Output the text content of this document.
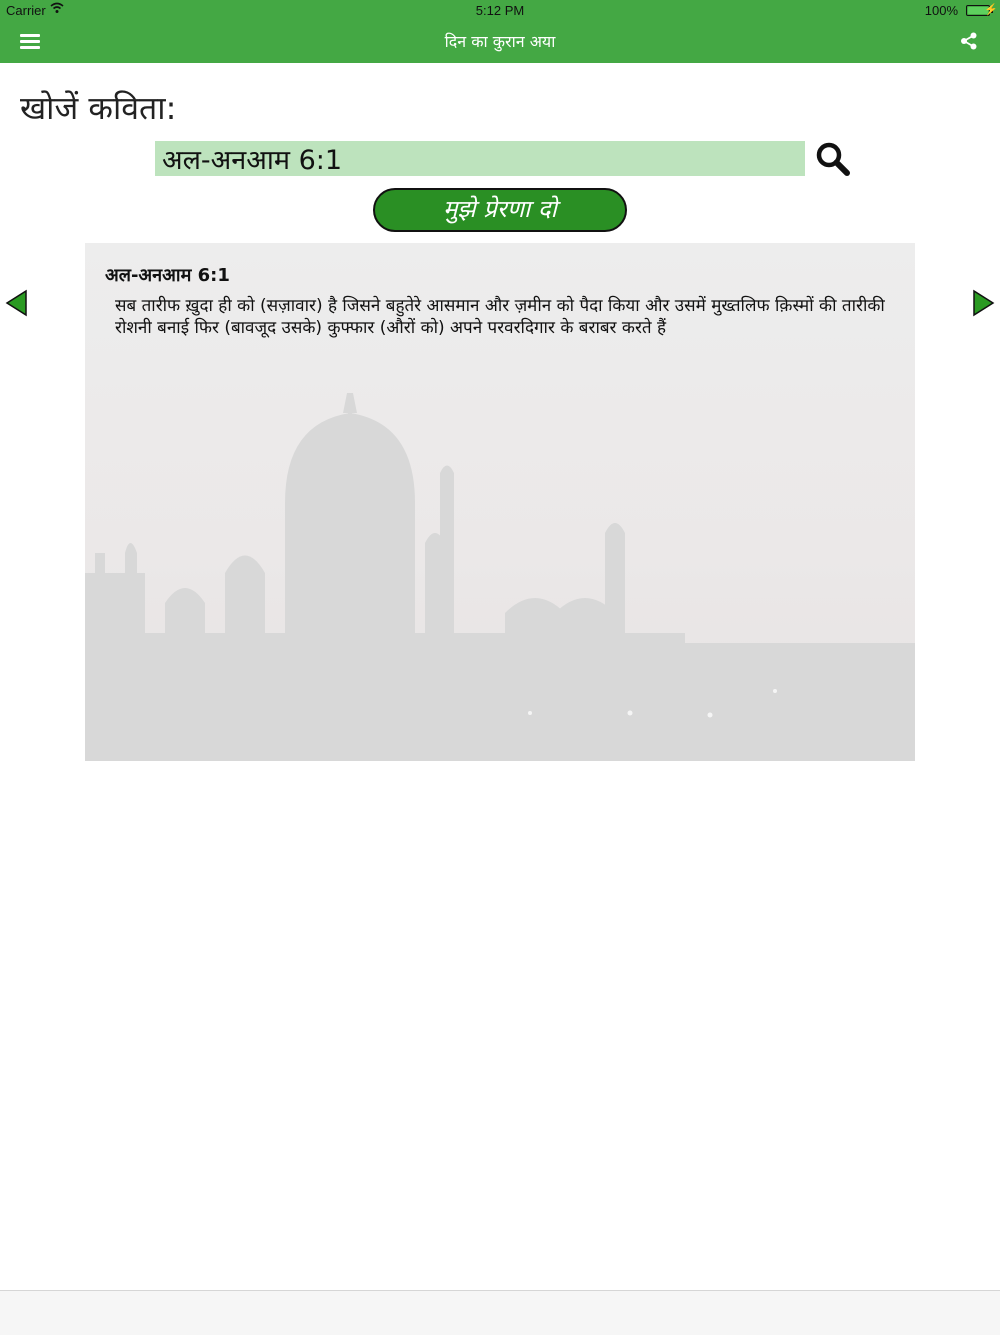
Carrier	5:12 PM	100% ⚡
दिन का कुरान अया
खोजें कविता:
अल-अनआम 6:1
मुझे प्रेरणा दो
अल-अनआम 6:1
सब तारीफ ख़ुदा ही को (सज़ावार) है जिसने बहुतेरे आसमान और ज़मीन को पैदा किया और उसमें मुख्तलिफ क़िस्मों की तारीकी रोशनी बनाई फिर (बावजूद उसके) कुफ्फार (औरों को) अपने परवरदिगार के बराबर करते हैं
